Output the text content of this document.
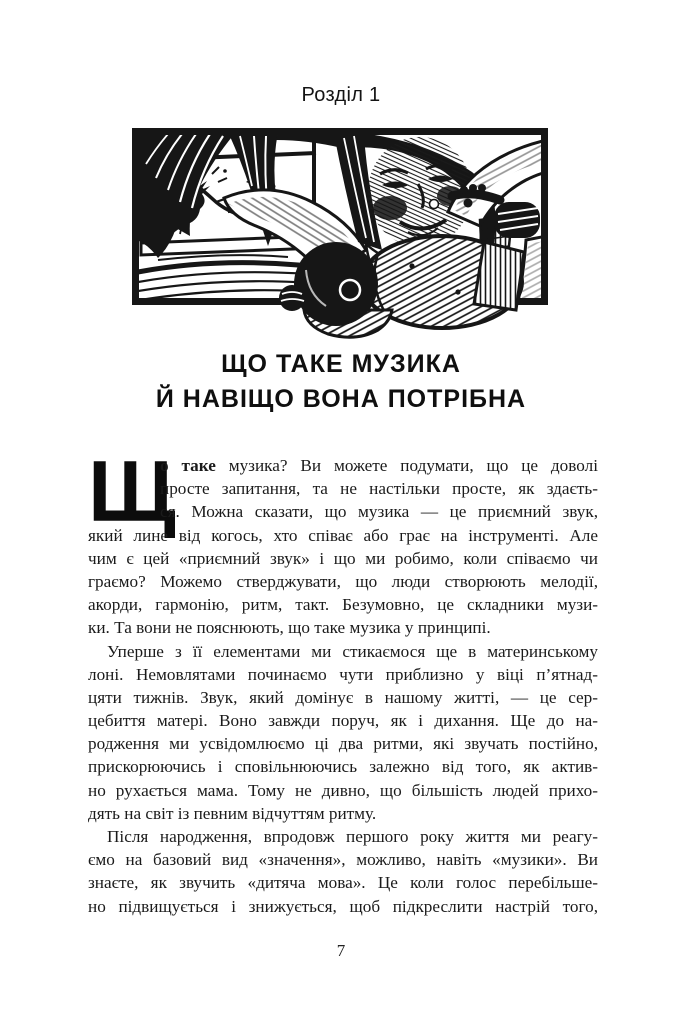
Розділ 1
ЩО ТАКЕ МУЗИКА
Й НАВІЩО ВОНА ПОТРІБНА
Щ
о таке музика? Ви можете подумати, що це доволі
просте запитання, та не настільки просте, як здаєть-
ся. Можна сказати, що музика — це приємний звук,
який лине від когось, хто співає або грає на інструменті. Але
чим є цей «приємний звук» і що ми робимо, коли співаємо чи
граємо? Можемо стверджувати, що люди створюють мелодії,
акорди, гармонію, ритм, такт. Безумовно, це складники музи-
ки. Та вони не пояснюють, що таке музика у принципі.
Уперше з її елементами ми стикаємося ще в материнському
лоні. Немовлятами починаємо чути приблизно у віці п’ятнад-
цяти тижнів. Звук, який домінує в нашому житті, — це сер-
цебиття матері. Воно завжди поруч, як і дихання. Ще до на-
родження ми усвідомлюємо ці два ритми, які звучать постійно,
прискорюючись і сповільнюючись залежно від того, як актив-
но рухається мама. Тому не дивно, що більшість людей прихо-
дять на світ із певним відчуттям ритму.
Після народження, впродовж першого року життя ми реагу-
ємо на базовий вид «значення», можливо, навіть «музики». Ви
знаєте, як звучить «дитяча мова». Це коли голос перебільше-
но підвищується і знижується, щоб підкреслити настрій того,
7
